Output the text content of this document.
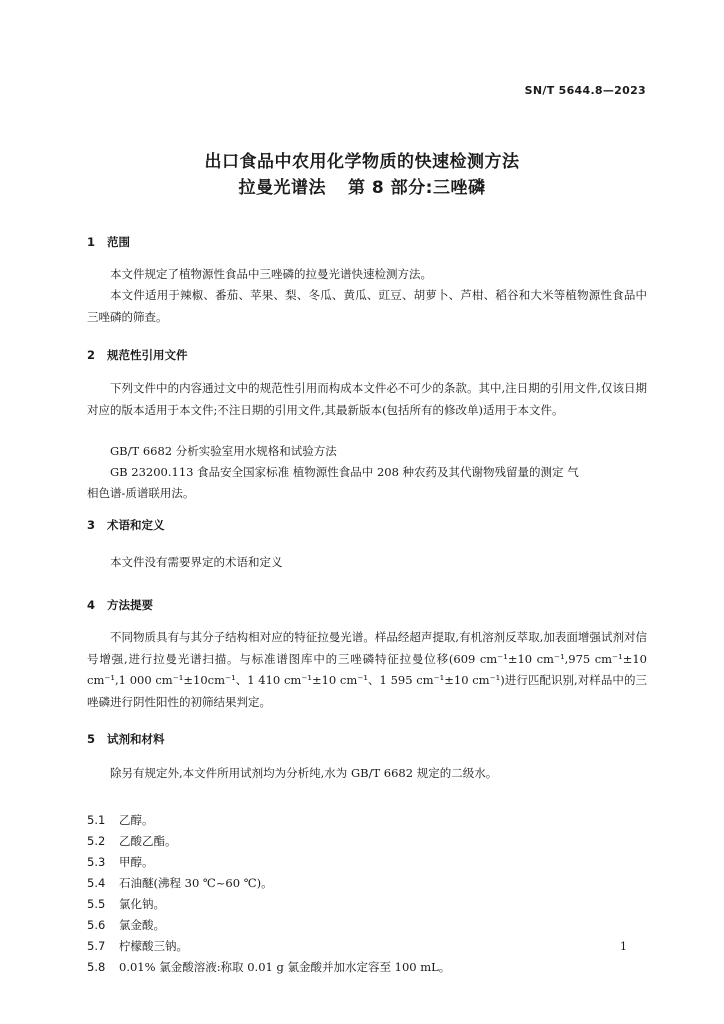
SN/T 5644.8—2023
出口食品中农用化学物质的快速检测方法
拉曼光谱法 第 8 部分:三唑磷
1 范围
本文件规定了植物源性食品中三唑磷的拉曼光谱快速检测方法。
本文件适用于辣椒、番茄、苹果、梨、冬瓜、黄瓜、豇豆、胡萝卜、芦柑、稻谷和大米等植物源性食品中三唑磷的筛查。
2 规范性引用文件
下列文件中的内容通过文中的规范性引用而构成本文件必不可少的条款。其中,注日期的引用文件,仅该日期对应的版本适用于本文件;不注日期的引用文件,其最新版本(包括所有的修改单)适用于本文件。
GB/T 6682 分析实验室用水规格和试验方法
GB 23200.113 食品安全国家标准 植物源性食品中 208 种农药及其代谢物残留量的测定 气
相色谱-质谱联用法。
3 术语和定义
本文件没有需要界定的术语和定义
4 方法提要
不同物质具有与其分子结构相对应的特征拉曼光谱。样品经超声提取,有机溶剂反萃取,加表面增强试剂对信号增强,进行拉曼光谱扫描。与标准谱图库中的三唑磷特征拉曼位移(609 cm⁻¹±10 cm⁻¹,975 cm⁻¹±10 cm⁻¹,1 000 cm⁻¹±10cm⁻¹、1 410 cm⁻¹±10 cm⁻¹、1 595 cm⁻¹±10 cm⁻¹)进行匹配识别,对样品中的三唑磷进行阴性阳性的初筛结果判定。
5 试剂和材料
除另有规定外,本文件所用试剂均为分析纯,水为 GB/T 6682 规定的二级水。
5.1 乙醇。
5.2 乙酸乙酯。
5.3 甲醇。
5.4 石油醚(沸程 30 ℃~60 ℃)。
5.5 氯化钠。
5.6 氯金酸。
5.7 柠檬酸三钠。
5.8 0.01% 氯金酸溶液:称取 0.01 g 氯金酸并加水定容至 100 mL。
1
